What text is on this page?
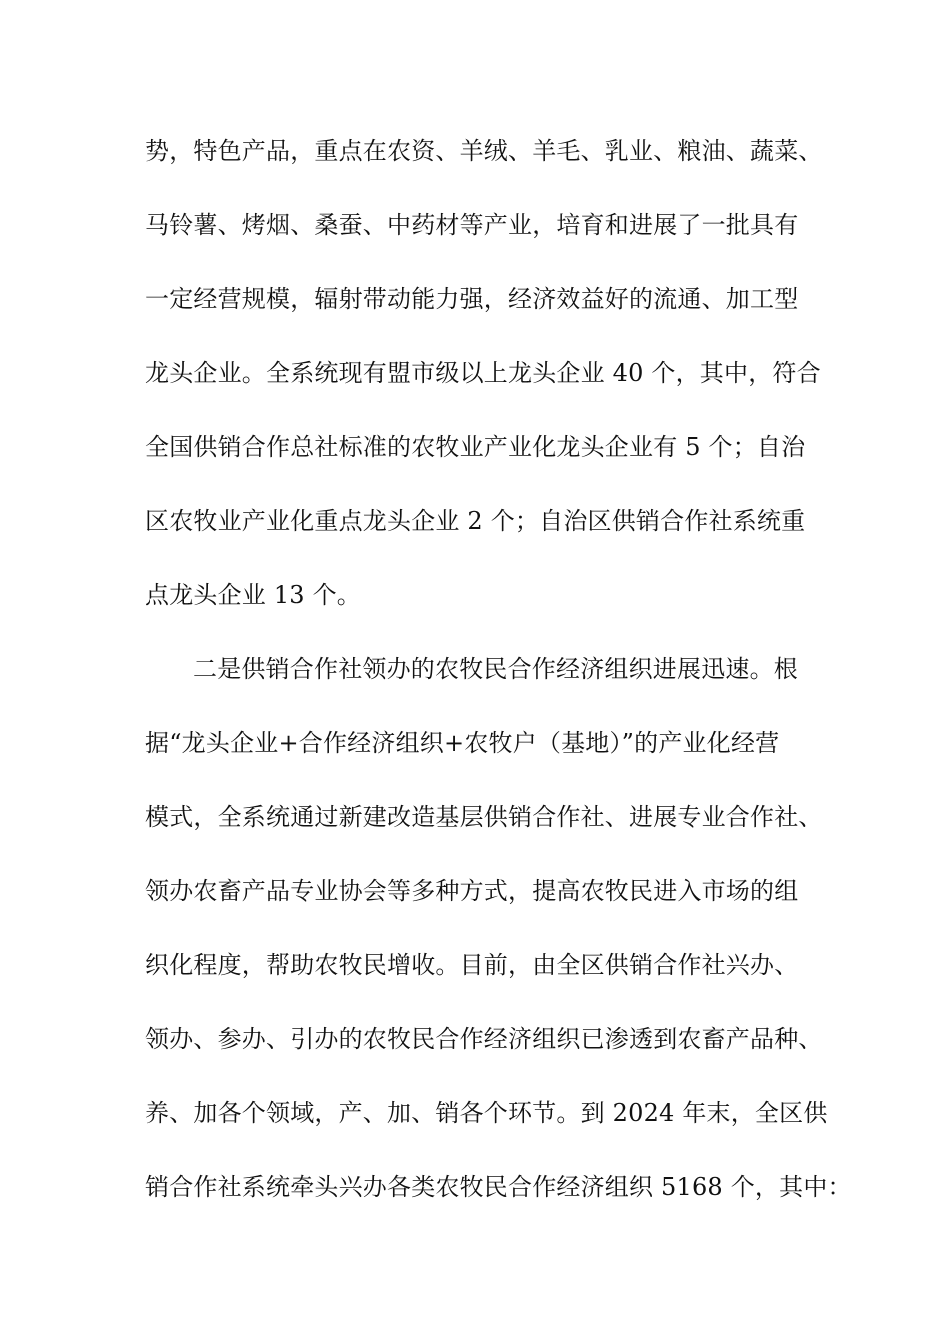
势，特色产品，重点在农资、羊绒、羊毛、乳业、粮油、蔬菜、
马铃薯、烤烟、桑蚕、中药材等产业，培育和进展了一批具有
一定经营规模，辐射带动能力强，经济效益好的流通、加工型
龙头企业。全系统现有盟市级以上龙头企业 40 个，其中，符合
全国供销合作总社标准的农牧业产业化龙头企业有 5 个；自治
区农牧业产业化重点龙头企业 2 个；自治区供销合作社系统重
点龙头企业 13 个。
二是供销合作社领办的农牧民合作经济组织进展迅速。根
据“龙头企业+合作经济组织+农牧户（基地）”的产业化经营
模式，全系统通过新建改造基层供销合作社、进展专业合作社、
领办农畜产品专业协会等多种方式，提高农牧民进入市场的组
织化程度，帮助农牧民增收。目前，由全区供销合作社兴办、
领办、参办、引办的农牧民合作经济组织已渗透到农畜产品种、
养、加各个领域，产、加、销各个环节。到 2024 年末，全区供
销合作社系统牵头兴办各类农牧民合作经济组织 5168 个，其中：
